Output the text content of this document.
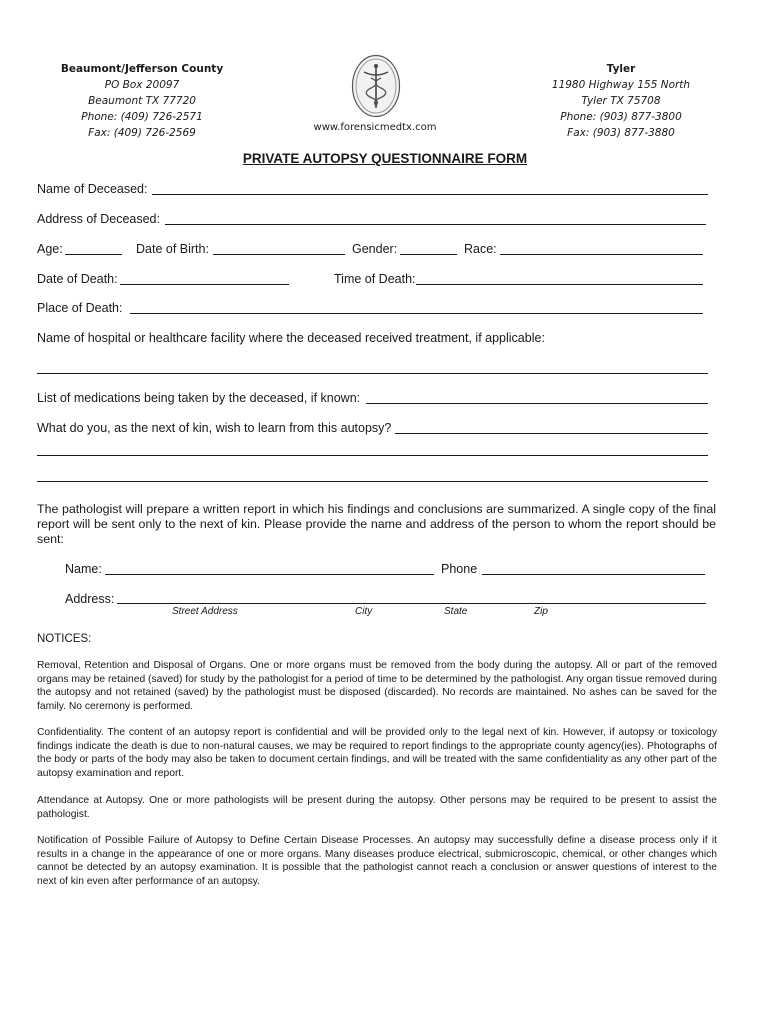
Beaumont/Jefferson County
PO Box 20097
Beaumont TX 77720
Phone: (409) 726-2571
Fax: (409) 726-2569	www.forensicmedtx.com
Tyler
11980 Highway 155 North
Tyler TX 75708
Phone: (903) 877-3800
Fax: (903) 877-3880
PRIVATE AUTOPSY QUESTIONNAIRE FORM
Name of Deceased:
Address of Deceased:
Age:	Date of Birth:	Gender:	Race:
Date of Death:	Time of Death:
Place of Death:
Name of hospital or healthcare facility where the deceased received treatment, if applicable:
List of medications being taken by the deceased, if known:
What do you, as the next of kin, wish to learn from this autopsy?
The pathologist will prepare a written report in which his findings and conclusions are summarized. A single copy of the final report will be sent only to the next of kin. Please provide the name and address of the person to whom the report should be sent:
Name:	Phone
Address:
Street Address	City	State	Zip
NOTICES:
Removal, Retention and Disposal of Organs. One or more organs must be removed from the body during the autopsy. All or part of the removed organs may be retained (saved) for study by the pathologist for a period of time to be determined by the pathologist. Any organ tissue removed during the autopsy and not retained (saved) by the pathologist must be disposed (discarded). No records are maintained. No ashes can be saved for the family. No ceremony is performed.
Confidentiality. The content of an autopsy report is confidential and will be provided only to the legal next of kin. However, if autopsy or toxicology findings indicate the death is due to non-natural causes, we may be required to report findings to the appropriate county agency(ies). Photographs of the body or parts of the body may also be taken to document certain findings, and will be treated with the same confidentiality as any other part of the autopsy examination and report.
Attendance at Autopsy. One or more pathologists will be present during the autopsy. Other persons may be required to be present to assist the pathologist.
Notification of Possible Failure of Autopsy to Define Certain Disease Processes. An autopsy may successfully define a disease process only if it results in a change in the appearance of one or more organs. Many diseases produce electrical, submicroscopic, chemical, or other changes which cannot be detected by an autopsy examination. It is possible that the pathologist cannot reach a conclusion or answer questions of interest to the next of kin even after performance of an autopsy.
